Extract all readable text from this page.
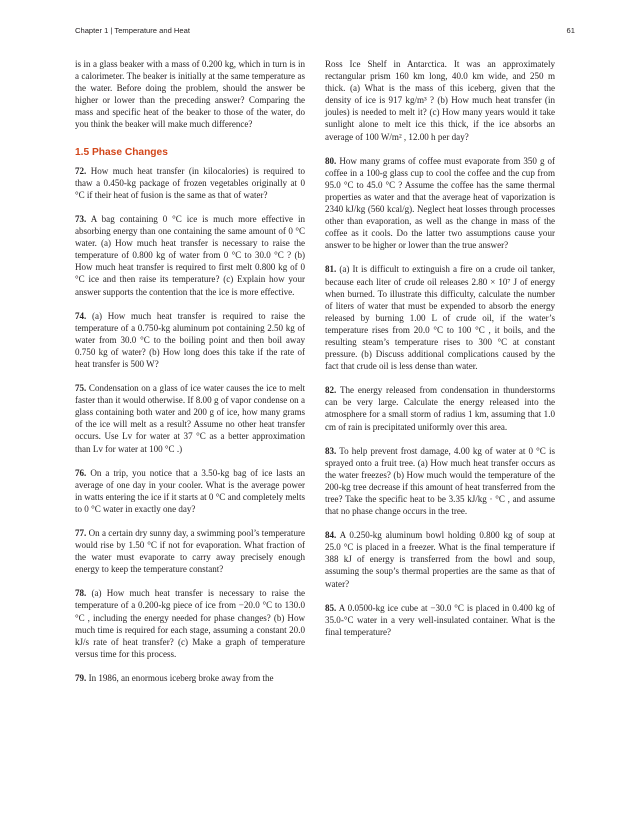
Chapter 1 | Temperature and Heat	61

is in a glass beaker with a mass of 0.200 kg, which in turn is in a calorimeter. The beaker is initially at the same temperature as the water. Before doing the problem, should the answer be higher or lower than the preceding answer? Comparing the mass and specific heat of the beaker to those of the water, do you think the beaker will make much difference?

1.5 Phase Changes

72. How much heat transfer (in kilocalories) is required to thaw a 0.450-kg package of frozen vegetables originally at 0 °C if their heat of fusion is the same as that of water?

73. A bag containing 0 °C ice is much more effective in absorbing energy than one containing the same amount of 0 °C water. (a) How much heat transfer is necessary to raise the temperature of 0.800 kg of water from 0 °C to 30.0 °C ? (b) How much heat transfer is required to first melt 0.800 kg of 0 °C ice and then raise its temperature? (c) Explain how your answer supports the contention that the ice is more effective.

74. (a) How much heat transfer is required to raise the temperature of a 0.750-kg aluminum pot containing 2.50 kg of water from 30.0 °C to the boiling point and then boil away 0.750 kg of water? (b) How long does this take if the rate of heat transfer is 500 W?

75. Condensation on a glass of ice water causes the ice to melt faster than it would otherwise. If 8.00 g of vapor condense on a glass containing both water and 200 g of ice, how many grams of the ice will melt as a result? Assume no other heat transfer occurs. Use Lv for water at 37 °C as a better approximation than Lv for water at 100 °C .)

76. On a trip, you notice that a 3.50-kg bag of ice lasts an average of one day in your cooler. What is the average power in watts entering the ice if it starts at 0 °C and completely melts to 0 °C water in exactly one day?

77. On a certain dry sunny day, a swimming pool’s temperature would rise by 1.50 °C if not for evaporation. What fraction of the water must evaporate to carry away precisely enough energy to keep the temperature constant?

78. (a) How much heat transfer is necessary to raise the temperature of a 0.200-kg piece of ice from −20.0 °C to 130.0 °C , including the energy needed for phase changes? (b) How much time is required for each stage, assuming a constant 20.0 kJ/s rate of heat transfer? (c) Make a graph of temperature versus time for this process.

79. In 1986, an enormous iceberg broke away from the

Ross Ice Shelf in Antarctica. It was an approximately rectangular prism 160 km long, 40.0 km wide, and 250 m thick. (a) What is the mass of this iceberg, given that the density of ice is 917 kg/m³ ? (b) How much heat transfer (in joules) is needed to melt it? (c) How many years would it take sunlight alone to melt ice this thick, if the ice absorbs an average of 100 W/m² , 12.00 h per day?

80. How many grams of coffee must evaporate from 350 g of coffee in a 100-g glass cup to cool the coffee and the cup from 95.0 °C to 45.0 °C ? Assume the coffee has the same thermal properties as water and that the average heat of vaporization is 2340 kJ/kg (560 kcal/g). Neglect heat losses through processes other than evaporation, as well as the change in mass of the coffee as it cools. Do the latter two assumptions cause your answer to be higher or lower than the true answer?

81. (a) It is difficult to extinguish a fire on a crude oil tanker, because each liter of crude oil releases 2.80 × 10⁷ J of energy when burned. To illustrate this difficulty, calculate the number of liters of water that must be expended to absorb the energy released by burning 1.00 L of crude oil, if the water’s temperature rises from 20.0 °C to 100 °C , it boils, and the resulting steam’s temperature rises to 300 °C at constant pressure. (b) Discuss additional complications caused by the fact that crude oil is less dense than water.

82. The energy released from condensation in thunderstorms can be very large. Calculate the energy released into the atmosphere for a small storm of radius 1 km, assuming that 1.0 cm of rain is precipitated uniformly over this area.

83. To help prevent frost damage, 4.00 kg of water at 0 °C is sprayed onto a fruit tree. (a) How much heat transfer occurs as the water freezes? (b) How much would the temperature of the 200-kg tree decrease if this amount of heat transferred from the tree? Take the specific heat to be 3.35 kJ/kg · °C , and assume that no phase change occurs in the tree.

84. A 0.250-kg aluminum bowl holding 0.800 kg of soup at 25.0 °C is placed in a freezer. What is the final temperature if 388 kJ of energy is transferred from the bowl and soup, assuming the soup’s thermal properties are the same as that of water?

85. A 0.0500-kg ice cube at −30.0 °C is placed in 0.400 kg of 35.0-°C water in a very well-insulated container. What is the final temperature?
